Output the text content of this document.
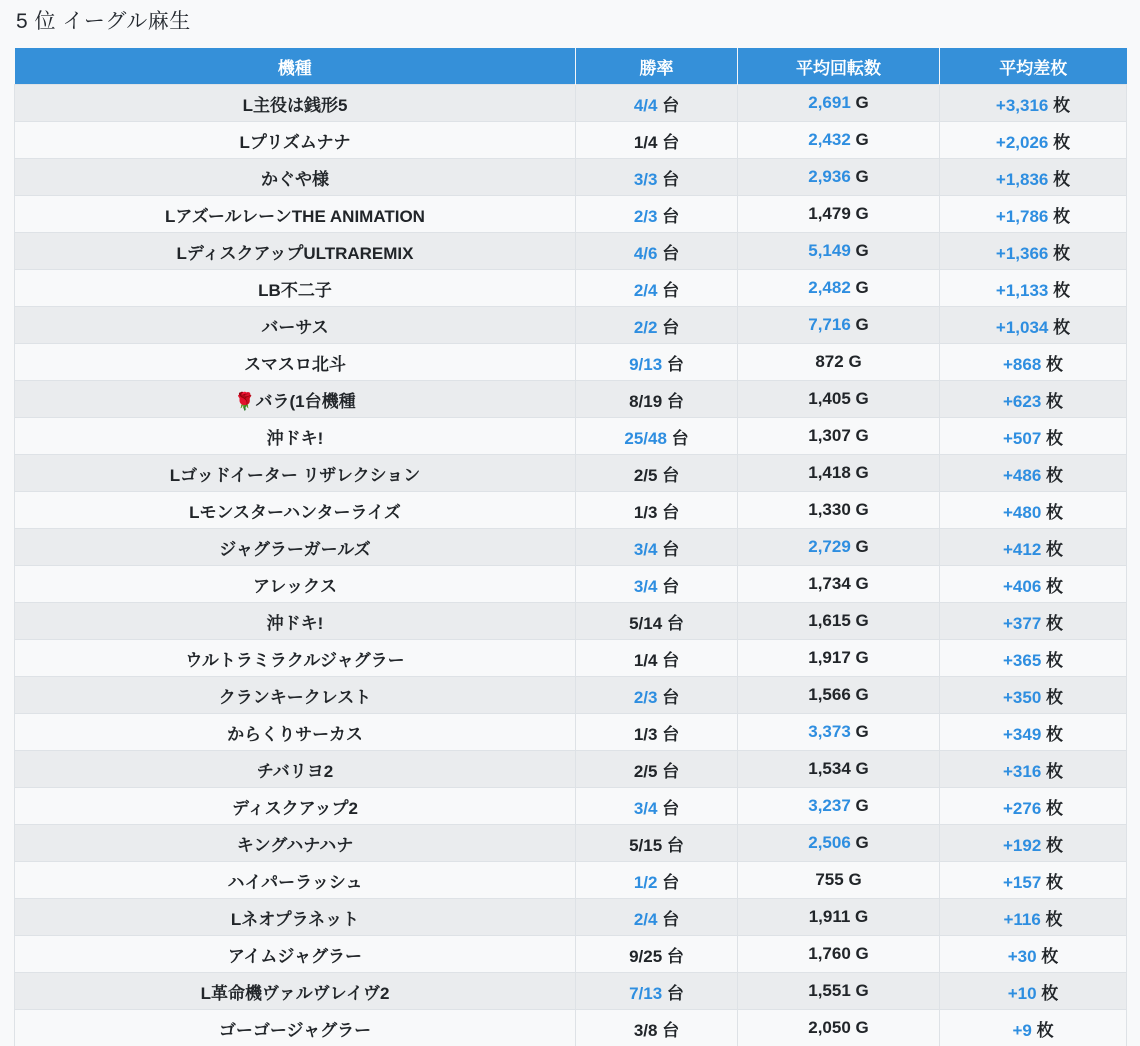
5 位 イーグル麻生
機種	勝率	平均回転数	平均差枚
L主役は銭形5	4/4 台	2,691 G	+3,316 枚
Lプリズムナナ	1/4 台	2,432 G	+2,026 枚
かぐや様	3/3 台	2,936 G	+1,836 枚
LアズールレーンTHE ANIMATION	2/3 台	1,479 G	+1,786 枚
LディスクアップULTRAREMIX	4/6 台	5,149 G	+1,366 枚
LB不二子	2/4 台	2,482 G	+1,133 枚
バーサス	2/2 台	7,716 G	+1,034 枚
スマスロ北斗	9/13 台	872 G	+868 枚
🌹バラ(1台機種	8/19 台	1,405 G	+623 枚
沖ドキ!	25/48 台	1,307 G	+507 枚
Lゴッドイーター リザレクション	2/5 台	1,418 G	+486 枚
Lモンスターハンターライズ	1/3 台	1,330 G	+480 枚
ジャグラーガールズ	3/4 台	2,729 G	+412 枚
アレックス	3/4 台	1,734 G	+406 枚
沖ドキ!	5/14 台	1,615 G	+377 枚
ウルトラミラクルジャグラー	1/4 台	1,917 G	+365 枚
クランキークレスト	2/3 台	1,566 G	+350 枚
からくりサーカス	1/3 台	3,373 G	+349 枚
チバリヨ2	2/5 台	1,534 G	+316 枚
ディスクアップ2	3/4 台	3,237 G	+276 枚
キングハナハナ	5/15 台	2,506 G	+192 枚
ハイパーラッシュ	1/2 台	755 G	+157 枚
Lネオプラネット	2/4 台	1,911 G	+116 枚
アイムジャグラー	9/25 台	1,760 G	+30 枚
L革命機ヴァルヴレイヴ2	7/13 台	1,551 G	+10 枚
ゴーゴージャグラー	3/8 台	2,050 G	+9 枚
